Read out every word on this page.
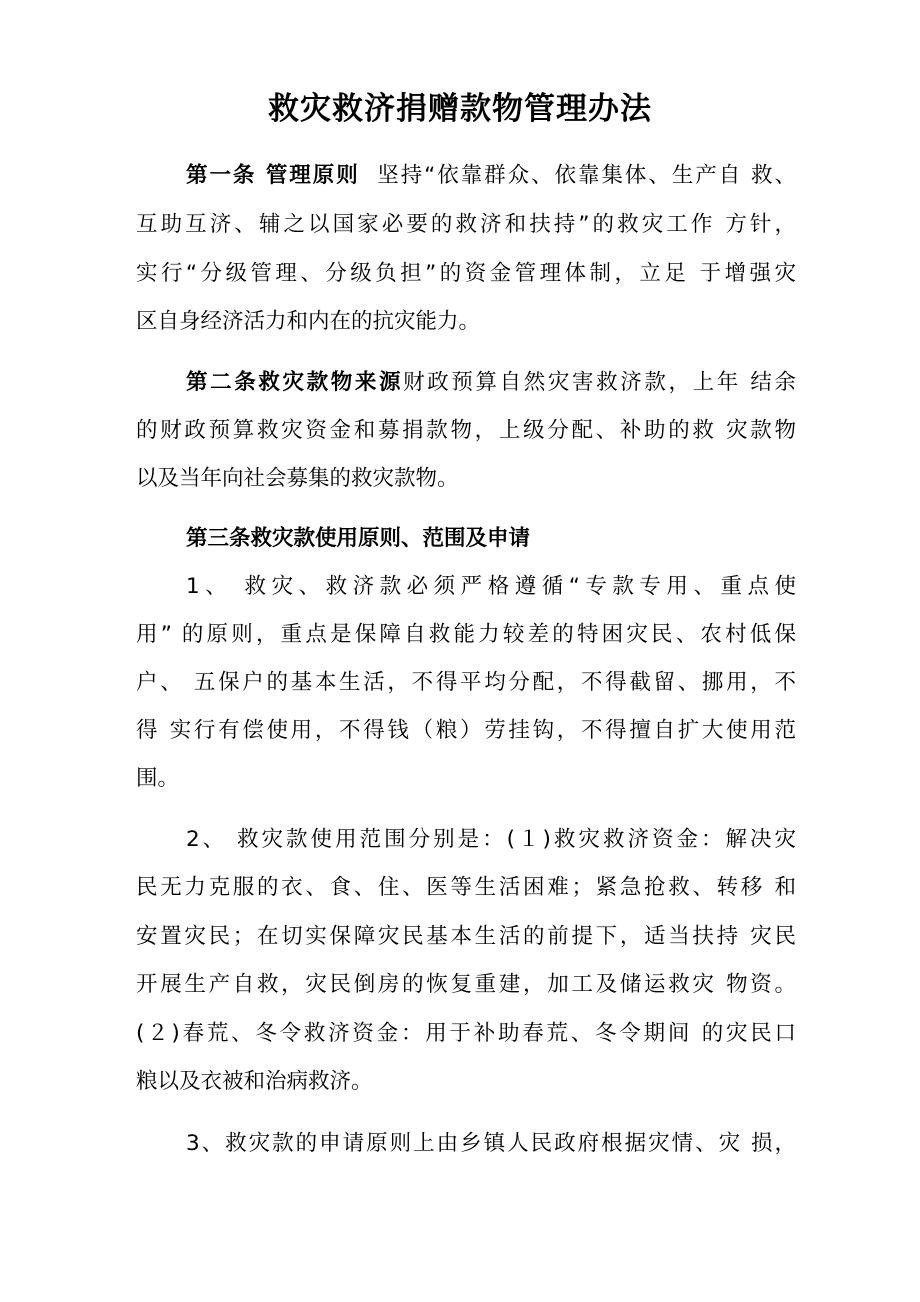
救灾救济捐赠款物管理办法
第一条 管理原则 坚持“依靠群众、依靠集体、生产自 救、
互助互济、辅之以国家必要的救济和扶持”的救灾工作 方针，
实行“分级管理、分级负担”的资金管理体制，立足 于增强灾
区自身经济活力和内在的抗灾能力。
第二条救灾款物来源财政预算自然灾害救济款，上年 结余
的财政预算救灾资金和募捐款物，上级分配、补助的救 灾款物
以及当年向社会募集的救灾款物。
第三条救灾款使用原则、范围及申请
1、 救灾、救济款必须严格遵循“专款专用、重点使
用” 的原则，重点是保障自救能力较差的特困灾民、农村低保
户、 五保户的基本生活，不得平均分配，不得截留、挪用，不
得 实行有偿使用，不得钱（粮）劳挂钩，不得擅自扩大使用范
围。
2、 救灾款使用范围分别是：(１)救灾救济资金：解决灾
民无力克服的衣、食、住、医等生活困难；紧急抢救、转移 和
安置灾民；在切实保障灾民基本生活的前提下，适当扶持 灾民
开展生产自救，灾民倒房的恢复重建，加工及储运救灾 物资。
(２)春荒、冬令救济资金：用于补助春荒、冬令期间 的灾民口
粮以及衣被和治病救济。
3、救灾款的申请原则上由乡镇人民政府根据灾情、灾 损，
